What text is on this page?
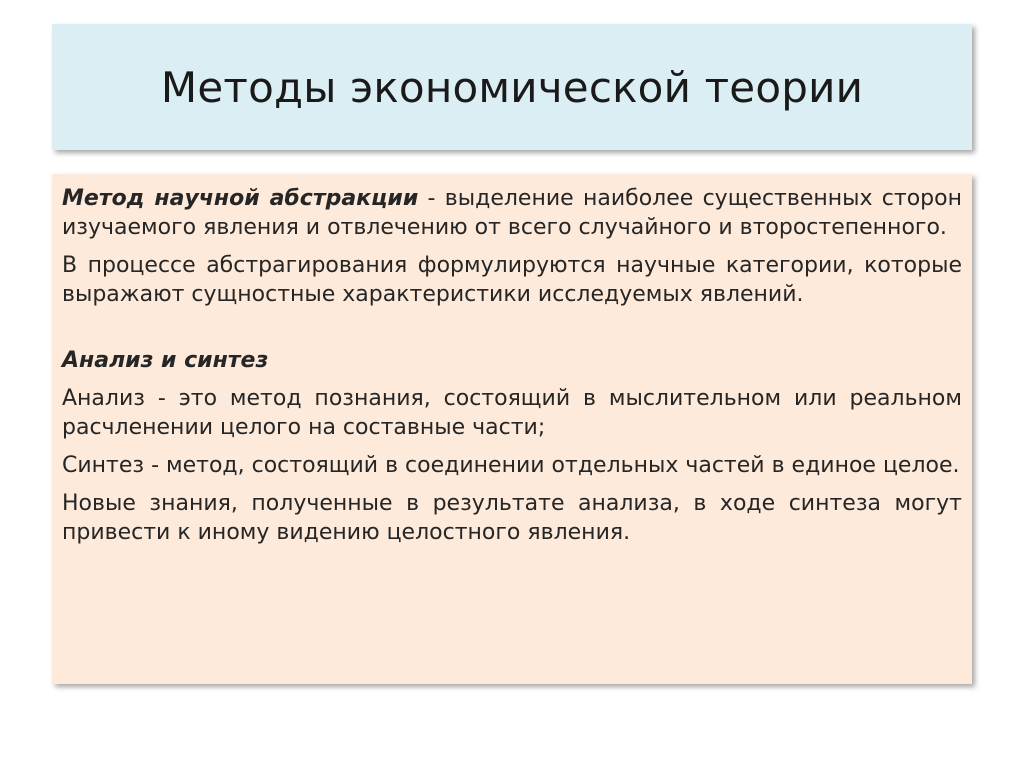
Методы экономической теории

Метод научной абстракции - выделение наиболее существенных сторон изучаемого явления и отвлечению от всего случайного и второстепенного.

В процессе абстрагирования формулируются научные категории, которые выражают сущностные характеристики исследуемых явлений.

Анализ и синтез

Анализ - это метод познания, состоящий в мыслительном или реальном расчленении целого на составные части;

Синтез - метод, состоящий в соединении отдельных частей в единое целое.

Новые знания, полученные в результате анализа, в ходе синтеза могут привести к иному видению целостного явления.
